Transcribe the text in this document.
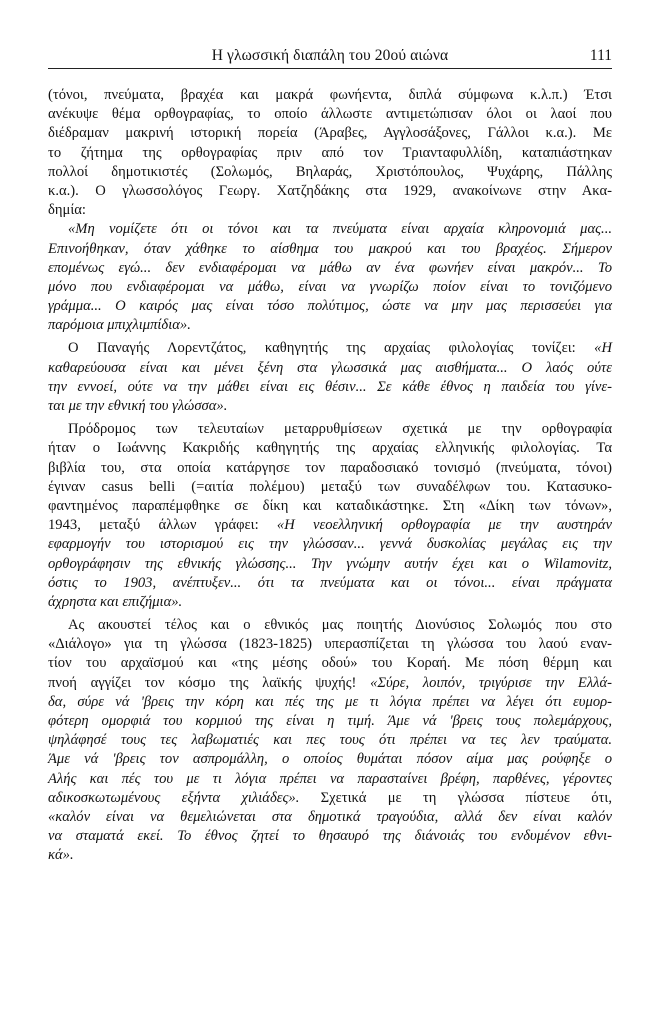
Η γλωσσική διαπάλη του 20ού αιώνα	111
(τόνοι, πνεύματα, βραχέα και μακρά φωνήεντα, διπλά σύμφωνα κ.λ.π.) Έτσι
ανέκυψε θέμα ορθογραφίας, το οποίο άλλωστε αντιμετώπισαν όλοι οι λαοί που
διέδραμαν μακρινή ιστορική πορεία (Άραβες, Αγγλοσάξονες, Γάλλοι κ.α.). Με
το ζήτημα της ορθογραφίας πριν από τον Τριανταφυλλίδη, καταπιάστηκαν
πολλοί δημοτικιστές (Σολωμός, Βηλαράς, Χριστόπουλος, Ψυχάρης, Πάλλης
κ.α.). Ο γλωσσολόγος Γεωργ. Χατζηδάκης στα 1929, ανακοίνωνε στην Ακα-
δημία:
«Μη νομίζετε ότι οι τόνοι και τα πνεύματα είναι αρχαία κληρονομιά μας...
Επινοήθηκαν, όταν χάθηκε το αίσθημα του μακρού και του βραχέος. Σήμερον
επομένως εγώ... δεν ενδιαφέρομαι να μάθω αν ένα φωνήεν είναι μακρόν... Το
μόνο που ενδιαφέρομαι να μάθω, είναι να γνωρίζω ποίον είναι το τονιζόμενο
γράμμα... Ο καιρός μας είναι τόσο πολύτιμος, ώστε να μην μας περισσεύει για
παρόμοια μπιχλιμπίδια».
Ο Παναγής Λορεντζάτος, καθηγητής της αρχαίας φιλολογίας τονίζει: «Η
καθαρεύουσα είναι και μένει ξένη στα γλωσσικά μας αισθήματα... Ο λαός ούτε
την εννοεί, ούτε να την μάθει είναι εις θέσιν... Σε κάθε έθνος η παιδεία του γίνε-
ται με την εθνική του γλώσσα».
Πρόδρομος των τελευταίων μεταρρυθμίσεων σχετικά με την ορθογραφία
ήταν ο Ιωάννης Κακριδής καθηγητής της αρχαίας ελληνικής φιλολογίας. Τα
βιβλία του, στα οποία κατάργησε τον παραδοσιακό τονισμό (πνεύματα, τόνοι)
έγιναν casus belli (=αιτία πολέμου) μεταξύ των συναδέλφων του. Κατασυκο-
φαντημένος παραπέμφθηκε σε δίκη και καταδικάστηκε. Στη «Δίκη των τόνων»,
1943, μεταξύ άλλων γράφει: «Η νεοελληνική ορθογραφία με την αυστηράν
εφαρμογήν του ιστορισμού εις την γλώσσαν... γεννά δυσκολίας μεγάλας εις την
ορθογράφησιν της εθνικής γλώσσης... Την γνώμην αυτήν έχει και ο Wilamovitz,
όστις το 1903, ανέπτυξεν... ότι τα πνεύματα και οι τόνοι... είναι πράγματα
άχρηστα και επιζήμια».
Ας ακουστεί τέλος και ο εθνικός μας ποιητής Διονύσιος Σολωμός που στο
«Διάλογο» για τη γλώσσα (1823-1825) υπερασπίζεται τη γλώσσα του λαού εναν-
τίον του αρχαϊσμού και «της μέσης οδού» του Κοραή. Με πόση θέρμη και
πνοή αγγίζει τον κόσμο της λαϊκής ψυχής! «Σύρε, λοιπόν, τριγύρισε την Ελλά-
δα, σύρε νά 'βρεις την κόρη και πές της με τι λόγια πρέπει να λέγει ότι ευμορ-
φότερη ομορφιά του κορμιού της είναι η τιμή. Άμε νά 'βρεις τους πολεμάρχους,
ψηλάφησέ τους τες λαβωματιές και πες τους ότι πρέπει να τες λεν τραύματα.
Άμε νά 'βρεις τον ασπρομάλλη, ο οποίος θυμάται πόσον αίμα μας ρούφηξε ο
Αλής και πές του με τι λόγια πρέπει να παρασταίνει βρέφη, παρθένες, γέροντες
αδικοσκωτωμένους εξήντα χιλιάδες». Σχετικά με τη γλώσσα πίστευε ότι,
«καλόν είναι να θεμελιώνεται στα δημοτικά τραγούδια, αλλά δεν είναι καλόν
να σταματά εκεί. Το έθνος ζητεί το θησαυρό της διάνοιάς του ενδυμένον εθνι-
κά».
